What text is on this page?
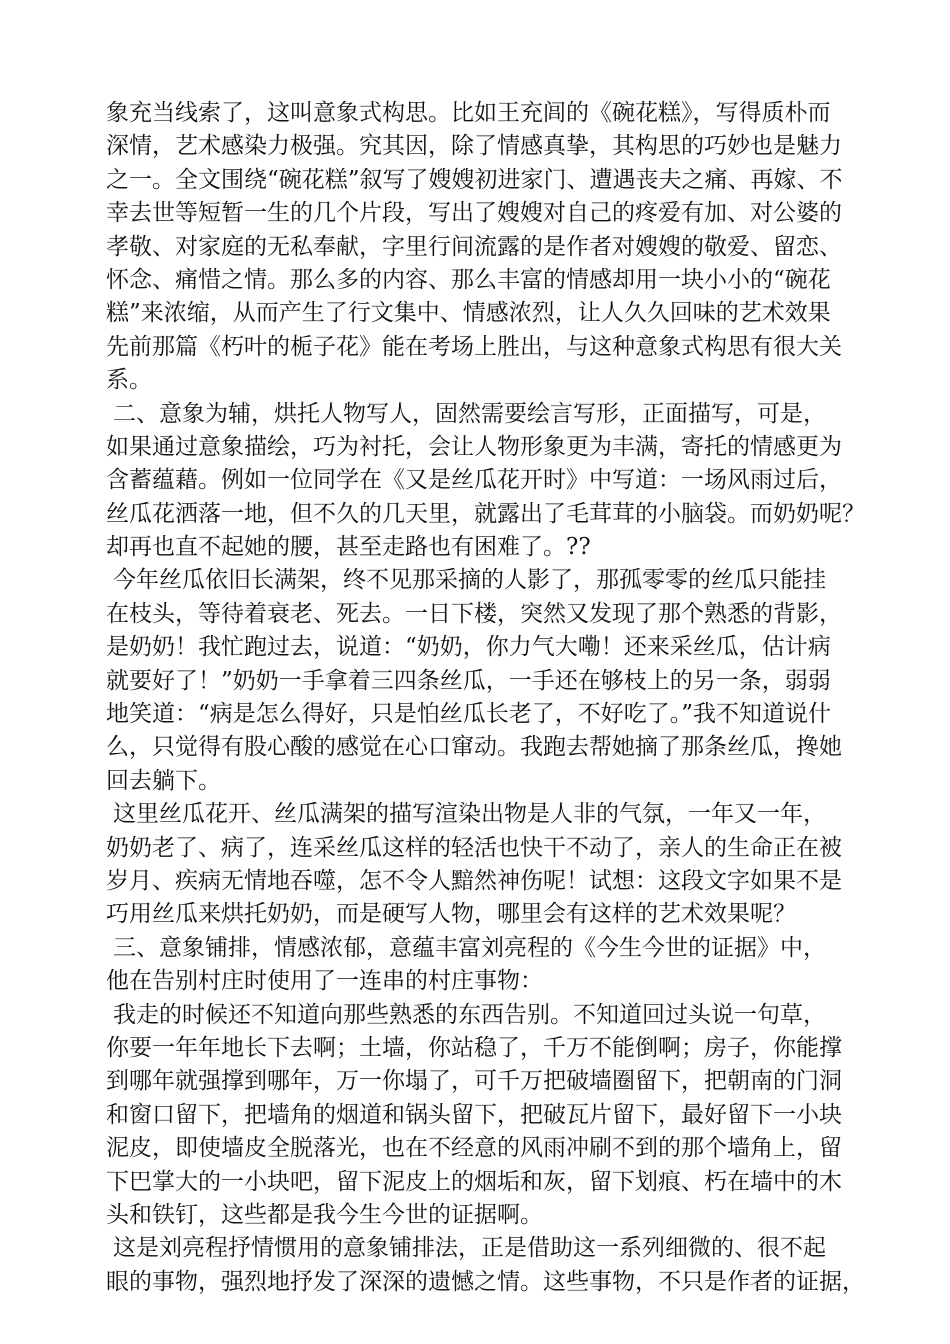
象充当线索了，这叫意象式构思。比如王充闾的《碗花糕》，写得质朴而
深情，艺术感染力极强。究其因，除了情感真挚，其构思的巧妙也是魅力
之一。全文围绕“碗花糕”叙写了嫂嫂初进家门、遭遇丧夫之痛、再嫁、不
幸去世等短暂一生的几个片段，写出了嫂嫂对自己的疼爱有加、对公婆的
孝敬、对家庭的无私奉献，字里行间流露的是作者对嫂嫂的敬爱、留恋、
怀念、痛惜之情。那么多的内容、那么丰富的情感却用一块小小的“碗花
糕”来浓缩，从而产生了行文集中、情感浓烈，让人久久回味的艺术效果
先前那篇《朽叶的栀子花》能在考场上胜出，与这种意象式构思有很大关
系。
二、意象为辅，烘托人物写人，固然需要绘言写形，正面描写，可是，
如果通过意象描绘，巧为衬托，会让人物形象更为丰满，寄托的情感更为
含蓄蕴藉。例如一位同学在《又是丝瓜花开时》中写道：一场风雨过后，
丝瓜花洒落一地，但不久的几天里，就露出了毛茸茸的小脑袋。而奶奶呢？
却再也直不起她的腰，甚至走路也有困难了。??
今年丝瓜依旧长满架，终不见那采摘的人影了，那孤零零的丝瓜只能挂
在枝头，等待着衰老、死去。一日下楼，突然又发现了那个熟悉的背影，
是奶奶！我忙跑过去，说道：“奶奶，你力气大嘞！还来采丝瓜，估计病
就要好了！”奶奶一手拿着三四条丝瓜，一手还在够枝上的另一条，弱弱
地笑道：“病是怎么得好，只是怕丝瓜长老了，不好吃了。”我不知道说什
么，只觉得有股心酸的感觉在心口窜动。我跑去帮她摘了那条丝瓜，搀她
回去躺下。
这里丝瓜花开、丝瓜满架的描写渲染出物是人非的气氛，一年又一年，
奶奶老了、病了，连采丝瓜这样的轻活也快干不动了，亲人的生命正在被
岁月、疾病无情地吞噬，怎不令人黯然神伤呢！试想：这段文字如果不是
巧用丝瓜来烘托奶奶，而是硬写人物，哪里会有这样的艺术效果呢？
三、意象铺排，情感浓郁，意蕴丰富刘亮程的《今生今世的证据》中，
他在告别村庄时使用了一连串的村庄事物：
我走的时候还不知道向那些熟悉的东西告别。不知道回过头说一句草，
你要一年年地长下去啊；土墙，你站稳了，千万不能倒啊；房子，你能撑
到哪年就强撑到哪年，万一你塌了，可千万把破墙圈留下，把朝南的门洞
和窗口留下，把墙角的烟道和锅头留下，把破瓦片留下，最好留下一小块
泥皮，即使墙皮全脱落光，也在不经意的风雨冲刷不到的那个墙角上，留
下巴掌大的一小块吧，留下泥皮上的烟垢和灰，留下划痕、朽在墙中的木
头和铁钉，这些都是我今生今世的证据啊。
这是刘亮程抒情惯用的意象铺排法，正是借助这一系列细微的、很不起
眼的事物，强烈地抒发了深深的遗憾之情。这些事物，不只是作者的证据，
